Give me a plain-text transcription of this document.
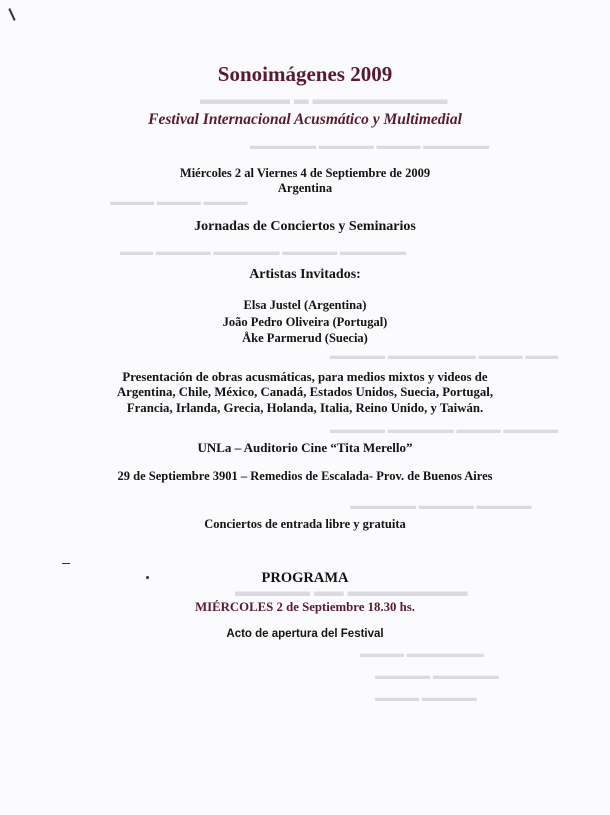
▬▬▬▬▬▬ ▬ ▬▬▬▬▬▬▬▬▬
▬▬▬▬▬▬ ▬▬▬▬▬ ▬▬▬▬ ▬▬▬▬▬▬
▬▬▬▬ ▬▬▬▬ ▬▬▬▬
▬▬▬ ▬▬▬▬▬ ▬▬▬▬▬▬ ▬▬▬▬▬ ▬▬▬▬▬▬
▬▬▬▬▬ ▬▬▬▬▬▬▬▬ ▬▬▬▬ ▬▬▬
▬▬▬▬▬ ▬▬▬▬▬▬ ▬▬▬▬ ▬▬▬▬▬
▬▬▬▬▬▬ ▬▬▬▬▬ ▬▬▬▬▬
▬▬▬▬▬ ▬▬ ▬▬▬▬▬▬▬▬
▬▬▬▬ ▬▬▬▬▬▬▬
▬▬▬▬▬ ▬▬▬▬▬▬
▬▬▬▬ ▬▬▬▬▬
Sonoimágenes 2009
Festival Internacional Acusmático y Multimedial
Miércoles 2 al Viernes 4 de Septiembre de 2009
Argentina
Jornadas de Conciertos y Seminarios
Artistas Invitados:
Elsa Justel (Argentina)
João Pedro Oliveira (Portugal)
Åke Parmerud (Suecia)
Presentación de obras acusmáticas, para medios mixtos y videos de
Argentina, Chile, México, Canadá, Estados Unidos, Suecia, Portugal,
Francia, Irlanda, Grecia, Holanda, Italia, Reino Unido, y Taiwán.
UNLa – Auditorio Cine “Tita Merello”
29 de Septiembre 3901 – Remedios de Escalada- Prov. de Buenos Aires
Conciertos de entrada libre y gratuita
PROGRAMA
MIÉRCOLES 2 de Septiembre 18.30 hs.
Acto de apertura del Festival
